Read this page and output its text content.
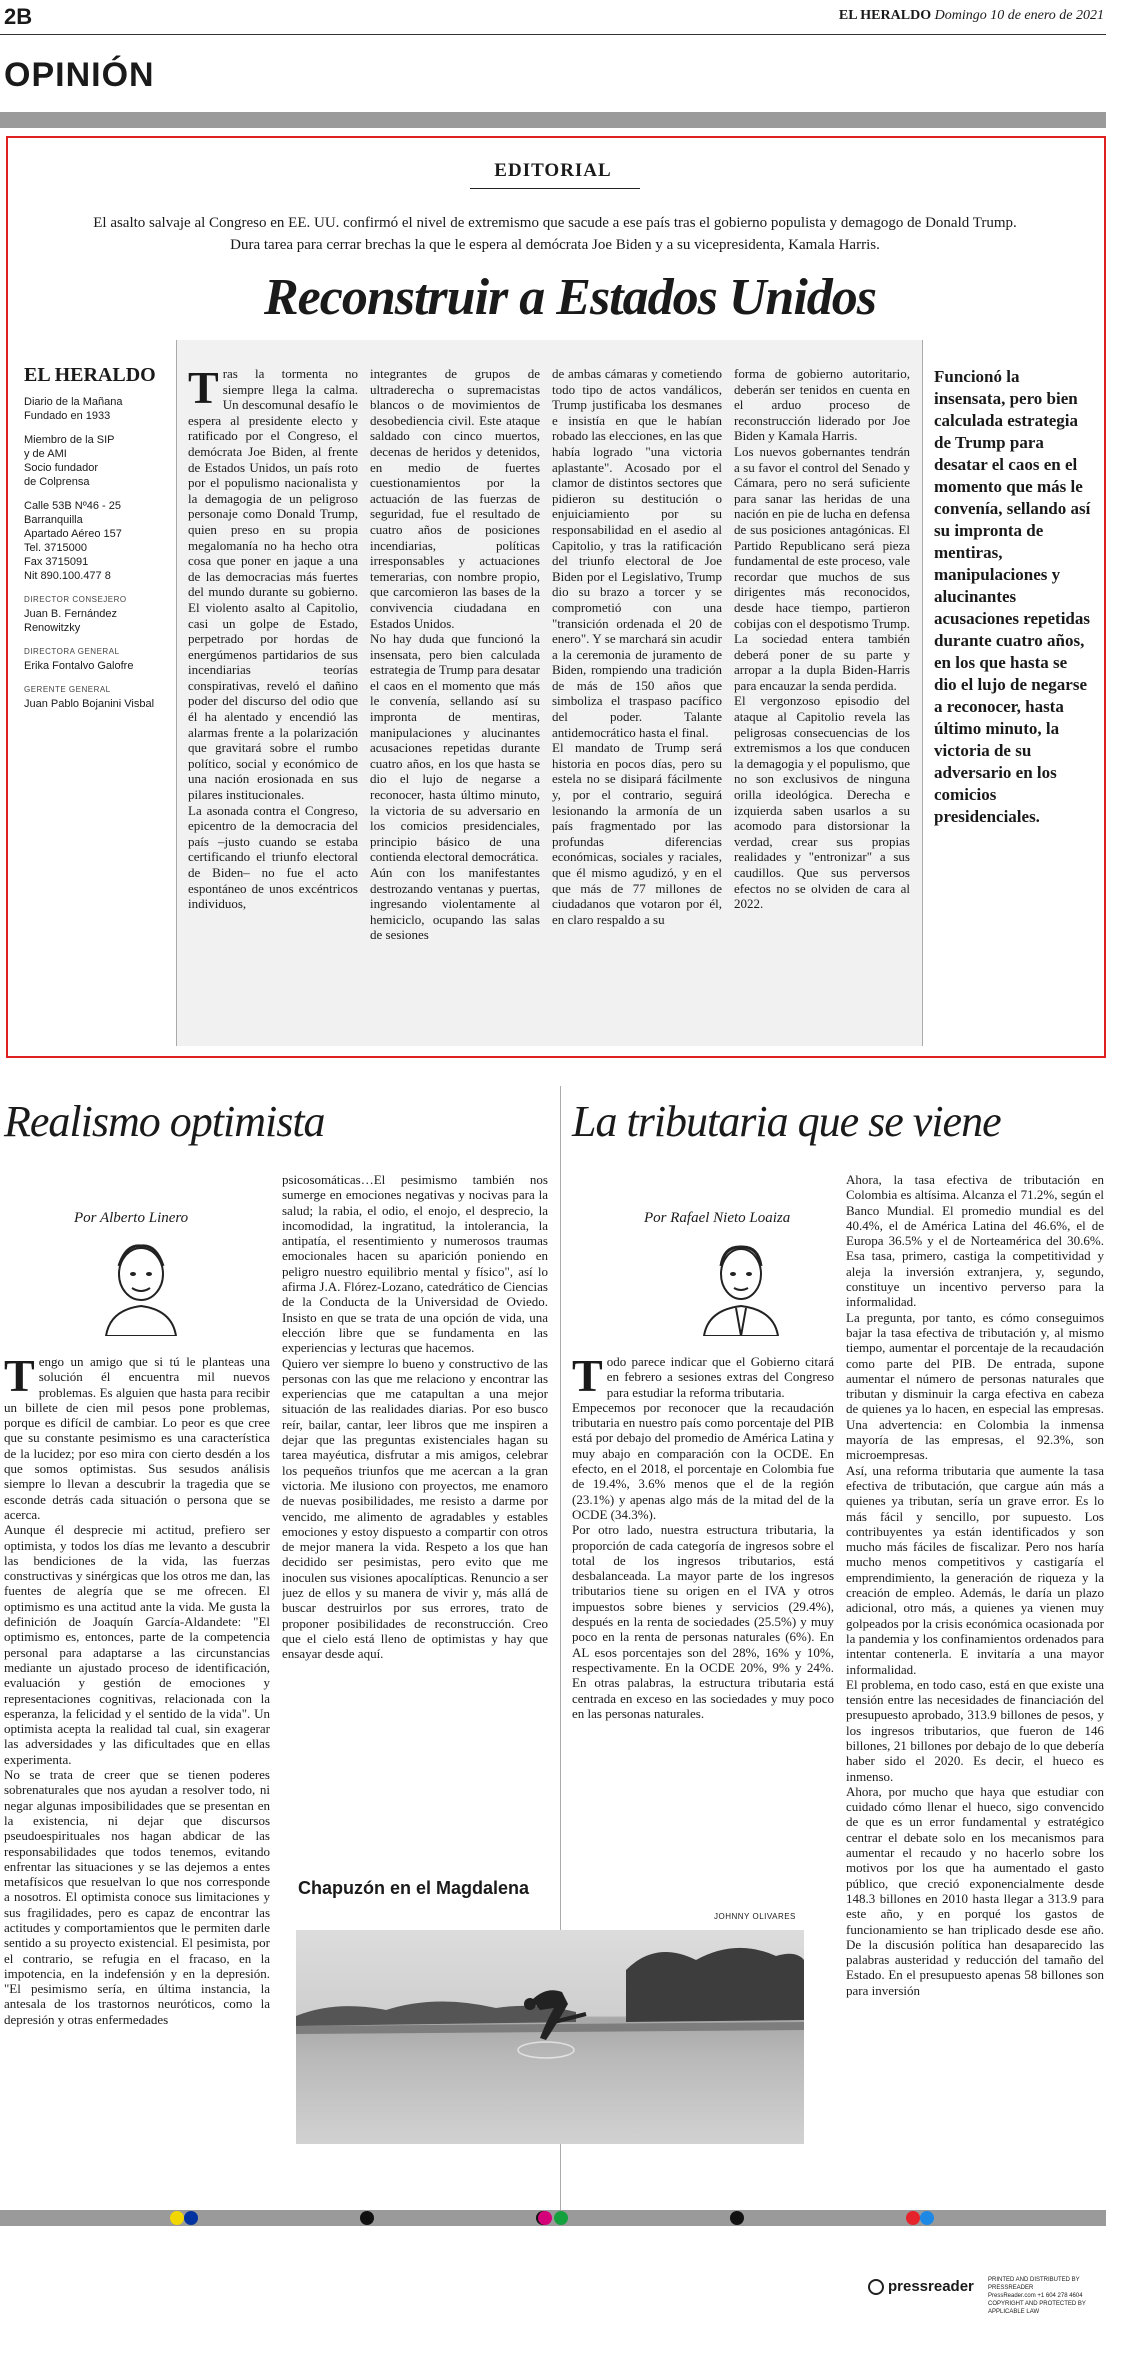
2B	EL HERALDO Domingo 10 de enero de 2021
OPINIÓN
EDITORIAL
El asalto salvaje al Congreso en EE. UU. confirmó el nivel de extremismo que sacude a ese país tras el gobierno populista y demagogo de Donald Trump. Dura tarea para cerrar brechas la que le espera al demócrata Joe Biden y a su vicepresidenta, Kamala Harris.
Reconstruir a Estados Unidos
EL HERALDO
Diario de la Mañana
Fundado en 1933
Miembro de la SIP
y de AMI
Socio fundador
de Colprensa
Calle 53B Nº46 - 25
Barranquilla
Apartado Aéreo 157
Tel. 3715000
Fax 3715091
Nit 890.100.477 8
DIRECTOR CONSEJERO
Juan B. Fernández
Renowitzky
DIRECTORA GENERAL
Erika Fontalvo Galofre
GERENTE GENERAL
Juan Pablo Bojanini Visbal
Tras la tormenta no siempre llega la calma. Un descomunal desafío le espera al presidente electo y ratificado por el Congreso, el demócrata Joe Biden, al frente de Estados Unidos, un país roto por el populismo nacionalista y la demagogia de un peligroso personaje como Donald Trump, quien preso en su propia megalomanía no ha hecho otra cosa que poner en jaque a una de las democracias más fuertes del mundo durante su gobierno. El violento asalto al Capitolio, casi un golpe de Estado, perpetrado por hordas de energúmenos partidarios de sus incendiarias teorías conspirativas, reveló el dañino poder del discurso del odio que él ha alentado y encendió las alarmas frente a la polarización que gravitará sobre el rumbo político, social y económico de una nación erosionada en sus pilares institucionales.
La asonada contra el Congreso, epicentro de la democracia del país –justo cuando se estaba certificando el triunfo electoral de Biden– no fue el acto espontáneo de unos excéntricos individuos,
integrantes de grupos de ultraderecha o supremacistas blancos o de movimientos de desobediencia civil. Este ataque saldado con cinco muertos, decenas de heridos y detenidos, en medio de fuertes cuestionamientos por la actuación de las fuerzas de seguridad, fue el resultado de cuatro años de posiciones incendiarias, políticas irresponsables y actuaciones temerarias, con nombre propio, que carcomieron las bases de la convivencia ciudadana en Estados Unidos.
No hay duda que funcionó la insensata, pero bien calculada estrategia de Trump para desatar el caos en el momento que más le convenía, sellando así su impronta de mentiras, manipulaciones y alucinantes acusaciones repetidas durante cuatro años, en los que hasta se dio el lujo de negarse a reconocer, hasta último minuto, la victoria de su adversario en los comicios presidenciales, principio básico de una contienda electoral democrática.
Aún con los manifestantes destrozando ventanas y puertas, ingresando violentamente al hemiciclo, ocupando las salas de sesiones
de ambas cámaras y cometiendo todo tipo de actos vandálicos, Trump justificaba los desmanes e insistía en que le habían robado las elecciones, en las que había logrado "una victoria aplastante". Acosado por el clamor de distintos sectores que pidieron su destitución o enjuiciamiento por su responsabilidad en el asedio al Capitolio, y tras la ratificación del triunfo electoral de Joe Biden por el Legislativo, Trump dio su brazo a torcer y se comprometió con una "transición ordenada el 20 de enero". Y se marchará sin acudir a la ceremonia de juramento de Biden, rompiendo una tradición de más de 150 años que simboliza el traspaso pacífico del poder. Talante antidemocrático hasta el final.
El mandato de Trump será historia en pocos días, pero su estela no se disipará fácilmente y, por el contrario, seguirá lesionando la armonía de un país fragmentado por las profundas diferencias económicas, sociales y raciales, que él mismo agudizó, y en el que más de 77 millones de ciudadanos que votaron por él, en claro respaldo a su
forma de gobierno autoritario, deberán ser tenidos en cuenta en el arduo proceso de reconstrucción liderado por Joe Biden y Kamala Harris.
Los nuevos gobernantes tendrán a su favor el control del Senado y Cámara, pero no será suficiente para sanar las heridas de una nación en pie de lucha en defensa de sus posiciones antagónicas. El Partido Republicano será pieza fundamental de este proceso, vale recordar que muchos de sus dirigentes más reconocidos, desde hace tiempo, partieron cobijas con el despotismo Trump. La sociedad entera también deberá poner de su parte y arropar a la dupla Biden-Harris para encauzar la senda perdida.
El vergonzoso episodio del ataque al Capitolio revela las peligrosas consecuencias de los extremismos a los que conducen la demagogia y el populismo, que no son exclusivos de ninguna orilla ideológica. Derecha e izquierda saben usarlos a su acomodo para distorsionar la verdad, crear sus propias realidades y "entronizar" a sus caudillos. Que sus perversos efectos no se olviden de cara al 2022.
Funcionó la insensata, pero bien calculada estrategia de Trump para desatar el caos en el momento que más le convenía, sellando así su impronta de mentiras, manipulaciones y alucinantes acusaciones repetidas durante cuatro años, en los que hasta se dio el lujo de negarse a reconocer, hasta último minuto, la victoria de su adversario en los comicios presidenciales.
Realismo optimista
Por Alberto Linero
Tengo un amigo que si tú le planteas una solución él encuentra mil nuevos problemas. Es alguien que hasta para recibir un billete de cien mil pesos pone problemas, porque es difícil de cambiar. Lo peor es que cree que su constante pesimismo es una característica de la lucidez; por eso mira con cierto desdén a los que somos optimistas. Sus sesudos análisis siempre lo llevan a descubrir la tragedia que se esconde detrás cada situación o persona que se acerca.
Aunque él desprecie mi actitud, prefiero ser optimista, y todos los días me levanto a descubrir las bendiciones de la vida, las fuerzas constructivas y sinérgicas que los otros me dan, las fuentes de alegría que se me ofrecen. El optimismo es una actitud ante la vida. Me gusta la definición de Joaquín García-Aldandete: "El optimismo es, entonces, parte de la competencia personal para adaptarse a las circunstancias mediante un ajustado proceso de identificación, evaluación y gestión de emociones y representaciones cognitivas, relacionada con la esperanza, la felicidad y el sentido de la vida". Un optimista acepta la realidad tal cual, sin exagerar las adversidades y las dificultades que en ellas experimenta.
No se trata de creer que se tienen poderes sobrenaturales que nos ayudan a resolver todo, ni negar algunas imposibilidades que se presentan en la existencia, ni dejar que discursos pseudoespirituales nos hagan abdicar de las responsabilidades que todos tenemos, evitando enfrentar las situaciones y se las dejemos a entes metafísicos que resuelvan lo que nos corresponde a nosotros. El optimista conoce sus limitaciones y sus fragilidades, pero es capaz de encontrar las actitudes y comportamientos que le permiten darle sentido a su proyecto existencial. El pesimista, por el contrario, se refugia en el fracaso, en la impotencia, en la indefensión y en la depresión. "El pesimismo sería, en última instancia, la antesala de los trastornos neuróticos, como la depresión y otras enfermedades
psicosomáticas…El pesimismo también nos sumerge en emociones negativas y nocivas para la salud; la rabia, el odio, el enojo, el desprecio, la incomodidad, la ingratitud, la intolerancia, la antipatía, el resentimiento y numerosos traumas emocionales hacen su aparición poniendo en peligro nuestro equilibrio mental y físico", así lo afirma J.A. Flórez-Lozano, catedrático de Ciencias de la Conducta de la Universidad de Oviedo. Insisto en que se trata de una opción de vida, una elección libre que se fundamenta en las experiencias y lecturas que hacemos.
Quiero ver siempre lo bueno y constructivo de las personas con las que me relaciono y encontrar las experiencias que me catapultan a una mejor situación de las realidades diarias. Por eso busco reír, bailar, cantar, leer libros que me inspiren a dejar que las preguntas existenciales hagan su tarea mayéutica, disfrutar a mis amigos, celebrar los pequeños triunfos que me acercan a la gran victoria. Me ilusiono con proyectos, me enamoro de nuevas posibilidades, me resisto a darme por vencido, me alimento de agradables y estables emociones y estoy dispuesto a compartir con otros de mejor manera la vida. Respeto a los que han decidido ser pesimistas, pero evito que me inoculen sus visiones apocalípticas. Renuncio a ser juez de ellos y su manera de vivir y, más allá de buscar destruirlos por sus errores, trato de proponer posibilidades de reconstrucción. Creo que el cielo está lleno de optimistas y hay que ensayar desde aquí.
La tributaria que se viene
Por Rafael Nieto Loaiza
Todo parece indicar que el Gobierno citará en febrero a sesiones extras del Congreso para estudiar la reforma tributaria.
Empecemos por reconocer que la recaudación tributaria en nuestro país como porcentaje del PIB está por debajo del promedio de América Latina y muy abajo en comparación con la OCDE. En efecto, en el 2018, el porcentaje en Colombia fue de 19.4%, 3.6% menos que el de la región (23.1%) y apenas algo más de la mitad del de la OCDE (34.3%).
Por otro lado, nuestra estructura tributaria, la proporción de cada categoría de ingresos sobre el total de los ingresos tributarios, está desbalanceada. La mayor parte de los ingresos tributarios tiene su origen en el IVA y otros impuestos sobre bienes y servicios (29.4%), después en la renta de sociedades (25.5%) y muy poco en la renta de personas naturales (6%). En AL esos porcentajes son del 28%, 16% y 10%, respectivamente. En la OCDE 20%, 9% y 24%. En otras palabras, la estructura tributaria está centrada en exceso en las sociedades y muy poco en las personas naturales.
Ahora, la tasa efectiva de tributación en Colombia es altísima. Alcanza el 71.2%, según el Banco Mundial. El promedio mundial es del 40.4%, el de América Latina del 46.6%, el de Europa 36.5% y el de Norteamérica del 30.6%. Esa tasa, primero, castiga la competitividad y aleja la inversión extranjera, y, segundo, constituye un incentivo perverso para la informalidad.
La pregunta, por tanto, es cómo conseguimos bajar la tasa efectiva de tributación y, al mismo tiempo, aumentar el porcentaje de la recaudación como parte del PIB. De entrada, supone aumentar el número de personas naturales que tributan y disminuir la carga efectiva en cabeza de quienes ya lo hacen, en especial las empresas. Una advertencia: en Colombia la inmensa mayoría de las empresas, el 92.3%, son microempresas.
Así, una reforma tributaria que aumente la tasa efectiva de tributación, que cargue aún más a quienes ya tributan, sería un grave error. Es lo más fácil y sencillo, por supuesto. Los contribuyentes ya están identificados y son mucho más fáciles de fiscalizar. Pero nos haría mucho menos competitivos y castigaría el emprendimiento, la generación de riqueza y la creación de empleo. Además, le daría un plazo adicional, otro más, a quienes ya vienen muy golpeados por la crisis económica ocasionada por la pandemia y los confinamientos ordenados para intentar contenerla. E invitaría a una mayor informalidad.
El problema, en todo caso, está en que existe una tensión entre las necesidades de financiación del presupuesto aprobado, 313.9 billones de pesos, y los ingresos tributarios, que fueron de 146 billones, 21 billones por debajo de lo que debería haber sido el 2020. Es decir, el hueco es inmenso.
Ahora, por mucho que haya que estudiar con cuidado cómo llenar el hueco, sigo convencido de que es un error fundamental y estratégico centrar el debate solo en los mecanismos para aumentar el recaudo y no hacerlo sobre los motivos por los que ha aumentado el gasto público, que creció exponencialmente desde 148.3 billones en 2010 hasta llegar a 313.9 para este año, y en porqué los gastos de funcionamiento se han triplicado desde ese año. De la discusión política han desaparecido las palabras austeridad y reducción del tamaño del Estado. En el presupuesto apenas 58 billones son para inversión
Chapuzón en el Magdalena
JOHNNY OLIVARES
pressreader PRINTED AND DISTRIBUTED BY PRESSREADER
PressReader.com +1 604 278 4604
COPYRIGHT AND PROTECTED BY APPLICABLE LAW
